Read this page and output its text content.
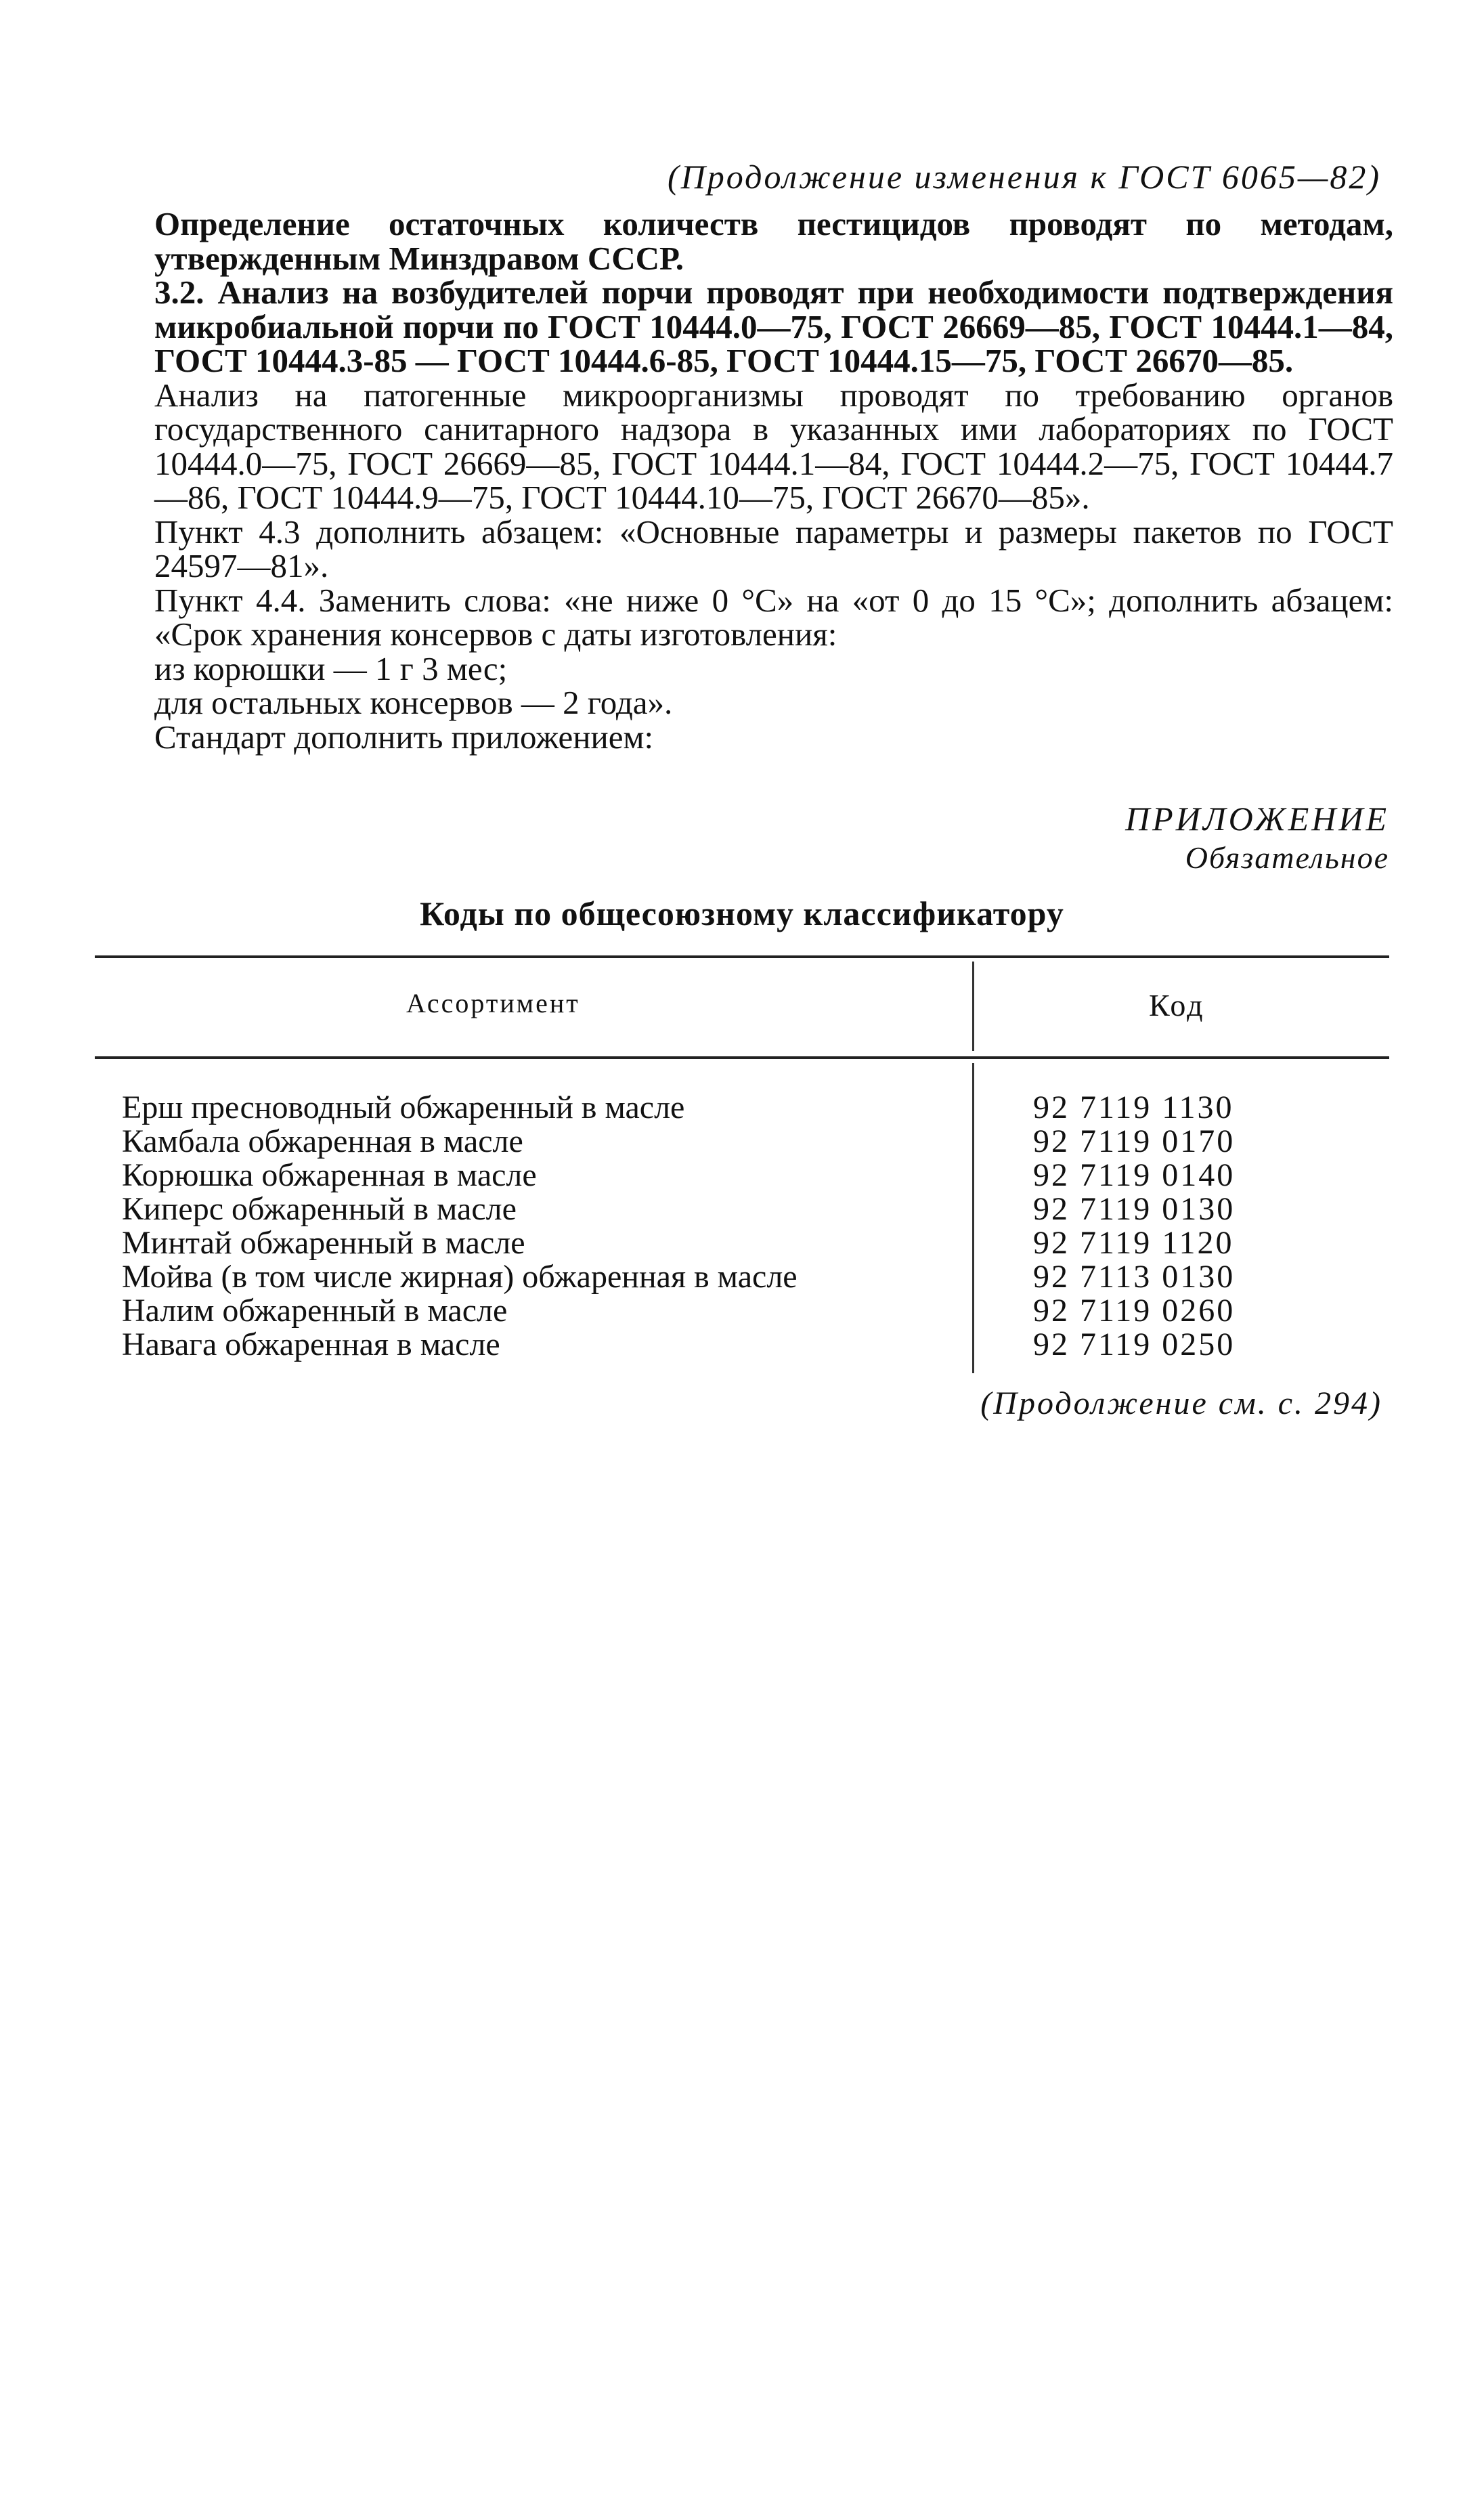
(Продолжение изменения к ГОСТ 6065—82)

Определение остаточных количеств пестицидов проводят по методам, утвержденным Минздравом СССР.

3.2. Анализ на возбудителей порчи проводят при необходимости подтверждения микробиальной порчи по ГОСТ 10444.0—75, ГОСТ 26669—85, ГОСТ 10444.1—84, ГОСТ 10444.3-85 — ГОСТ 10444.6-85, ГОСТ 10444.15—75, ГОСТ 26670—85.

Анализ на патогенные микроорганизмы проводят по требованию органов государственного санитарного надзора в указанных ими лабораториях по ГОСТ 10444.0—75, ГОСТ 26669—85, ГОСТ 10444.1—84, ГОСТ 10444.2—75, ГОСТ 10444.7—86, ГОСТ 10444.9—75, ГОСТ 10444.10—75, ГОСТ 26670—85».

Пункт 4.3 дополнить абзацем: «Основные параметры и размеры пакетов по ГОСТ 24597—81».

Пункт 4.4. Заменить слова: «не ниже 0 °С» на «от 0 до 15 °С»; дополнить абзацем: «Срок хранения консервов с даты изготовления:

из корюшки — 1 г 3 мес;

для остальных консервов — 2 года».

Стандарт дополнить приложением:

ПРИЛОЖЕНИЕ
Обязательное
Коды по общесоюзному классификатору
Ассортимент	Код
Ерш пресноводный обжаренный в масле	92 7119 1130
Камбала обжаренная в масле	92 7119 0170
Корюшка обжаренная в масле	92 7119 0140
Киперс обжаренный в масле	92 7119 0130
Минтай обжаренный в масле	92 7119 1120
Мойва (в том числе жирная) обжаренная в масле	92 7113 0130
Налим обжаренный в масле	92 7119 0260
Навага обжаренная в масле	92 7119 0250
(Продолжение см. с. 294)
